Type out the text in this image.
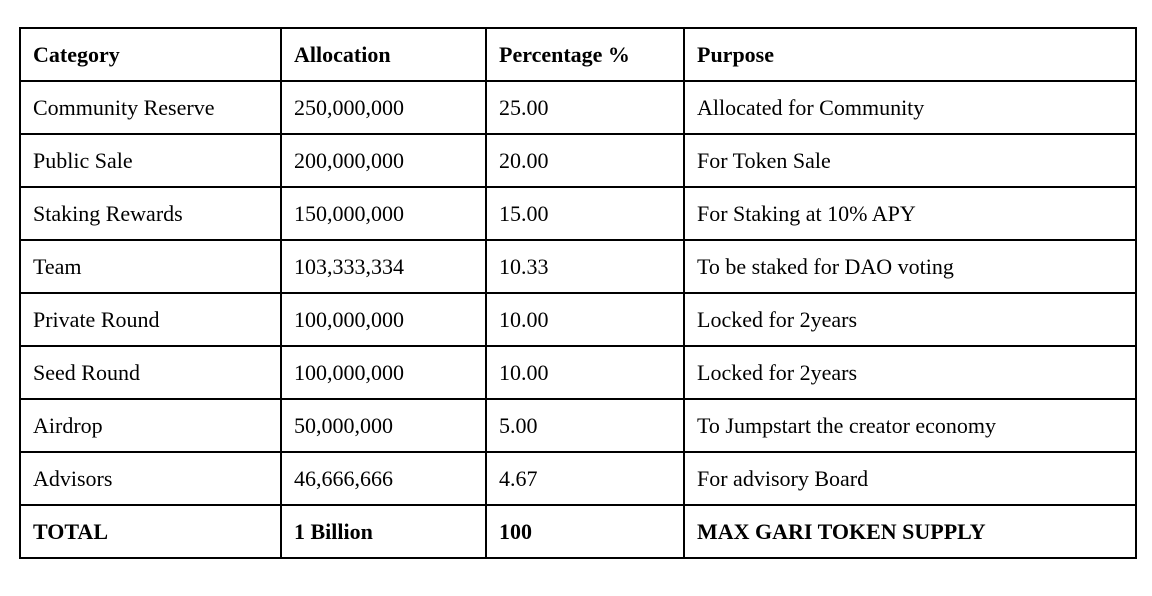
Category	Allocation	Percentage %	Purpose
Community Reserve	250,000,000	25.00	Allocated for Community
Public Sale	200,000,000	20.00	For Token Sale
Staking Rewards	150,000,000	15.00	For Staking at 10% APY
Team	103,333,334	10.33	To be staked for DAO voting
Private Round	100,000,000	10.00	Locked for 2years
Seed Round	100,000,000	10.00	Locked for 2years
Airdrop	50,000,000	5.00	To Jumpstart the creator economy
Advisors	46,666,666	4.67	For advisory Board
TOTAL	1 Billion	100	MAX GARI TOKEN SUPPLY
